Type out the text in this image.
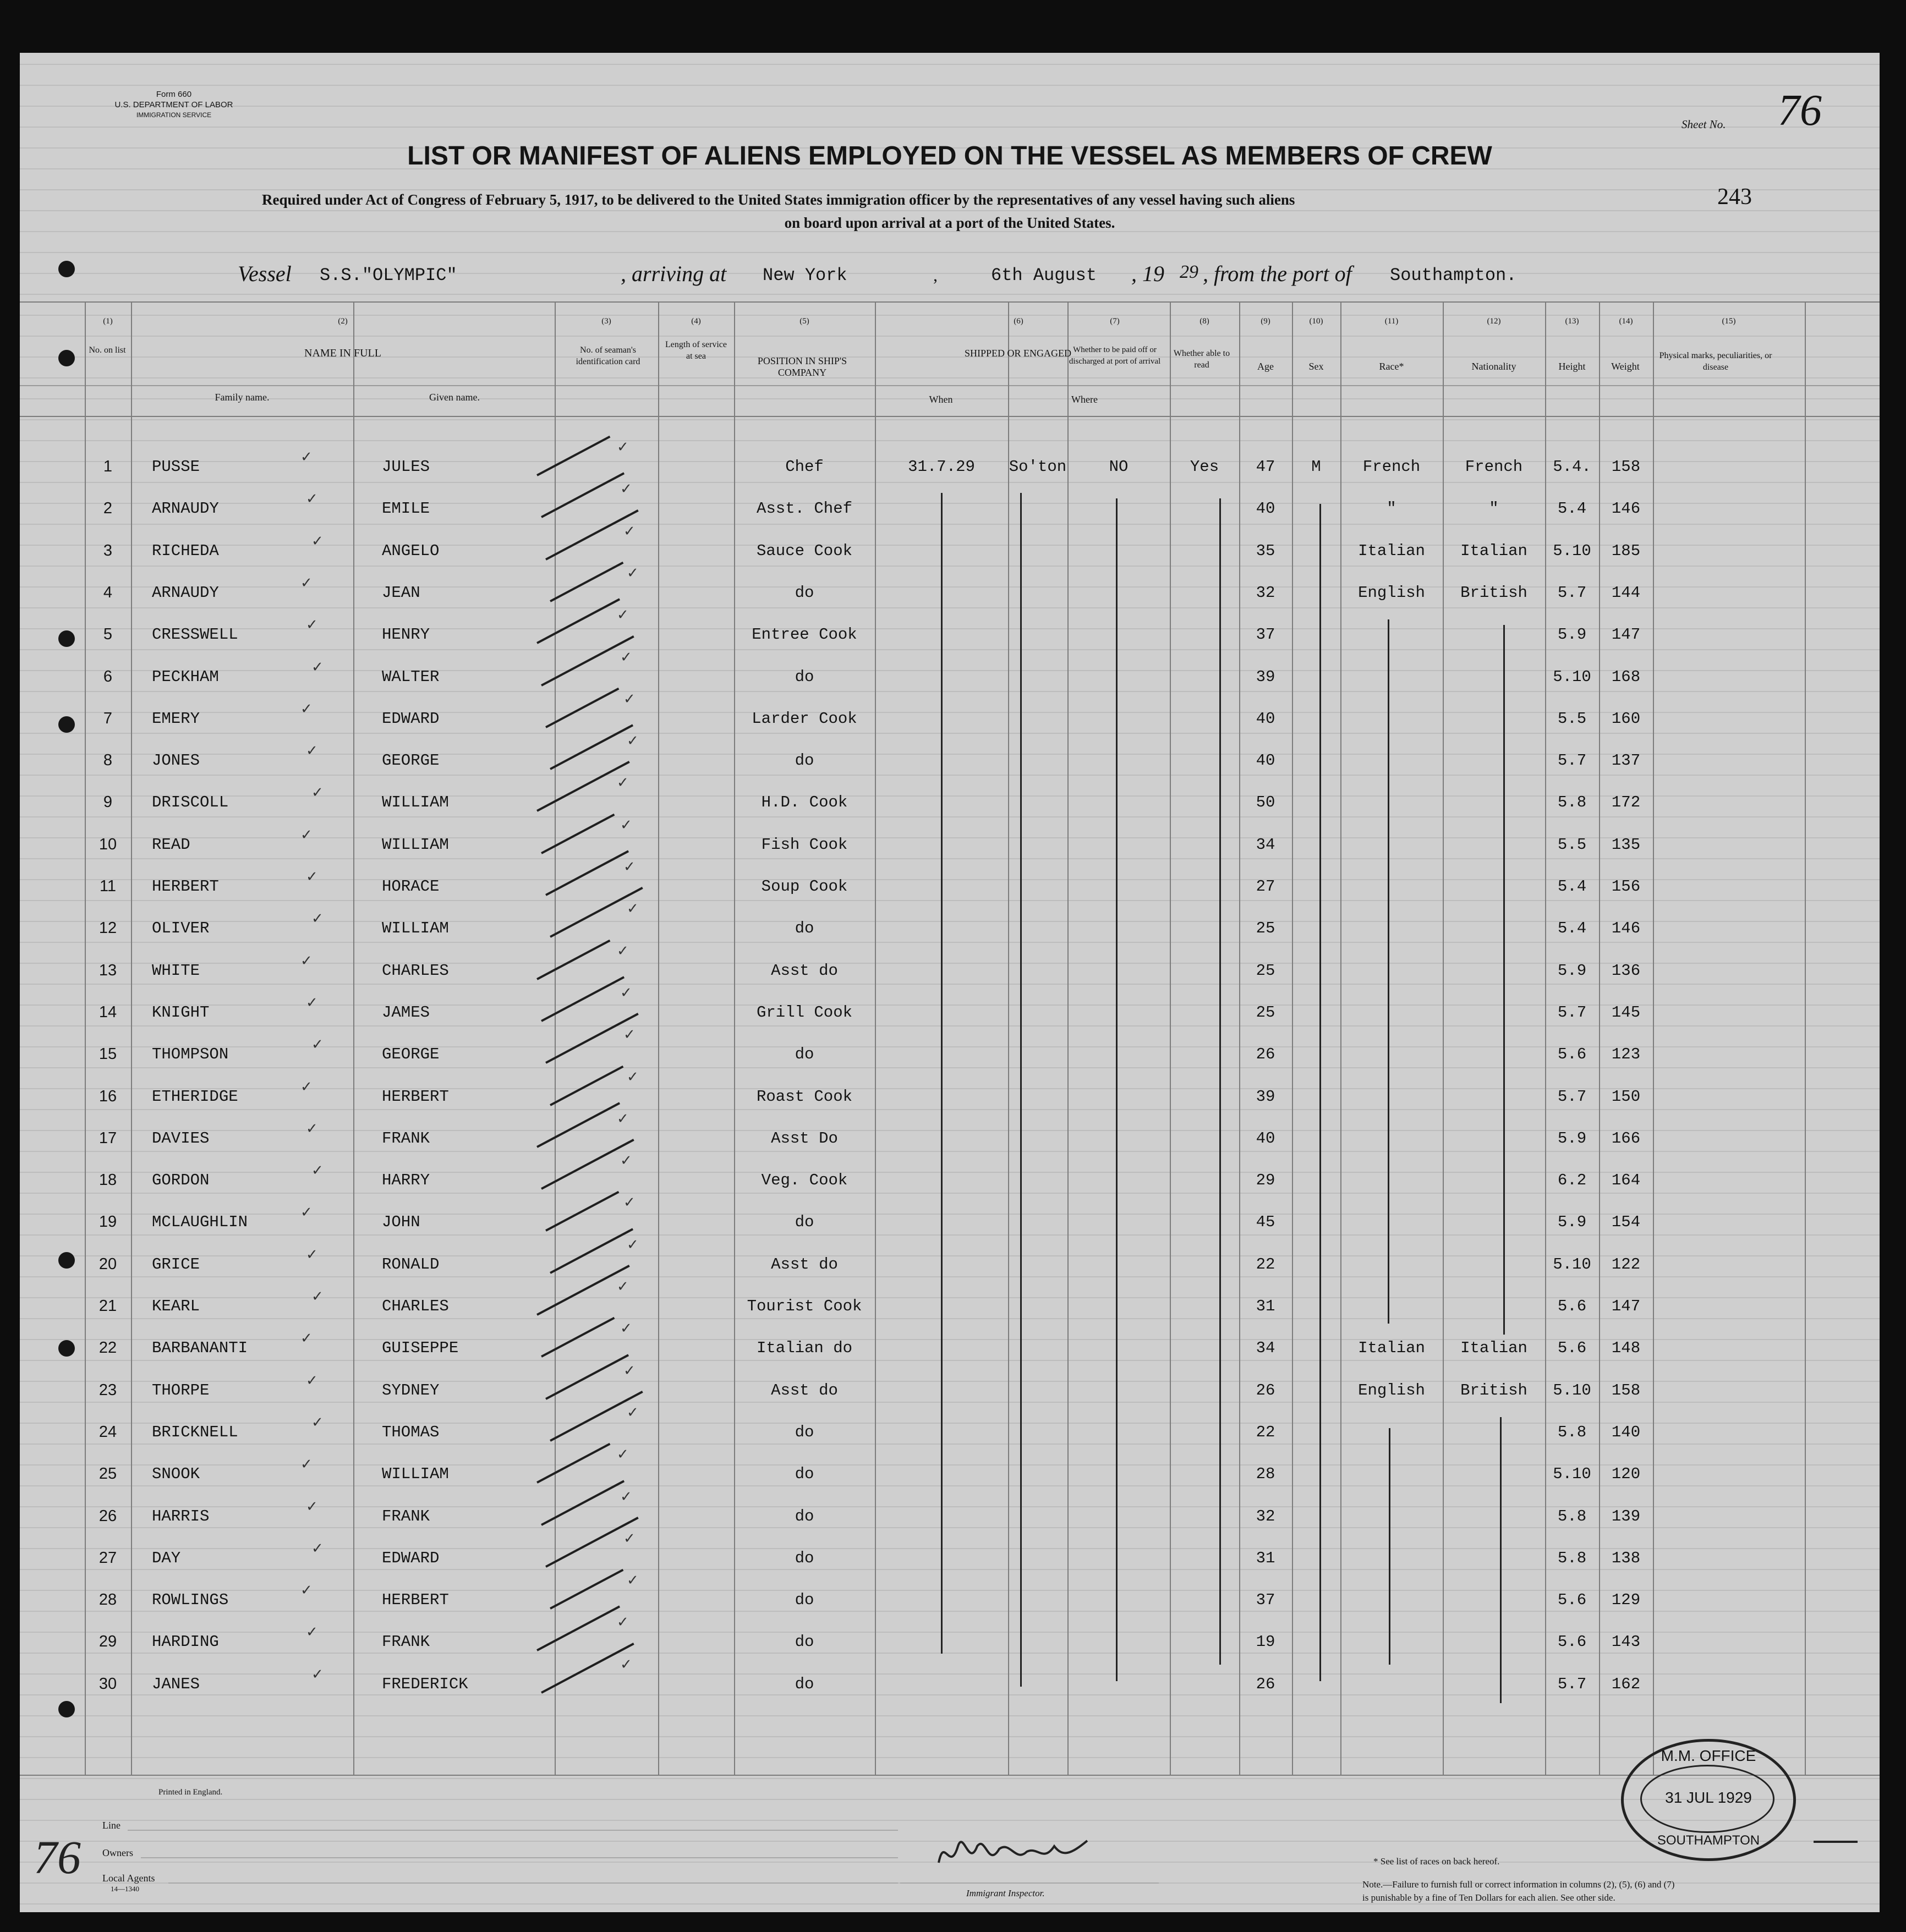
Form 660
U.S. DEPARTMENT OF LABOR
IMMIGRATION SERVICE
Sheet No. 76
243
LIST OR MANIFEST OF ALIENS EMPLOYED ON THE VESSEL AS MEMBERS OF CREW
Required under Act of Congress of February 5, 1917, to be delivered to the United States immigration officer by the representatives of any vessel having such aliens
on board upon arrival at a port of the United States.
Vessel S.S."OLYMPIC"	, arriving at New York	,	6th August , 19 29 , from the port of Southampton.
(1)	(2)	(3)	(4)	(5)	(6)	(7)	(8)	(9)	(10)	(11)	(12)	(13)	(14)	(15)
No. on list	NAME IN FULL
Family name.	Given name.
No. of seaman's identification card
Length of service at sea	POSITION IN SHIP'S COMPANY
SHIPPED OR ENGAGED
When	Where
Whether to be paid off or discharged at port of arrival
Whether able to read	Age	Sex	Race*	Nationality	Height	Weight
Physical marks, peculiarities, or disease
✓
✓
✓
✓
✓
✓
✓
✓
✓
✓
✓
✓
✓
✓
✓
✓
✓
✓
✓
✓
✓
✓
✓
✓
✓
✓
✓
✓
✓
✓
1	PUSSE	JULES	Chef	31.7.29	So'ton	NO	Yes	47	M	French	French	5.4.	158
✓
2	ARNAUDY	EMILE	Asst. Chef	40	"	"	5.4	146
✓
3	RICHEDA	ANGELO	Sauce Cook	35	Italian	Italian	5.10	185
✓
4	ARNAUDY	JEAN	do	32	English	British	5.7	144
✓
5	CRESSWELL	HENRY	Entree Cook	37	5.9	147
✓
6	PECKHAM	WALTER	do	39	5.10	168
✓
7	EMERY	EDWARD	Larder Cook	40	5.5	160
✓
8	JONES	GEORGE	do	40	5.7	137
✓
9	DRISCOLL	WILLIAM	H.D. Cook	50	5.8	172
✓
10	READ	WILLIAM	Fish Cook	34	5.5	135
✓
11	HERBERT	HORACE	Soup Cook	27	5.4	156
✓
12	OLIVER	WILLIAM	do	25	5.4	146
✓
13	WHITE	CHARLES	Asst do	25	5.9	136
✓
14	KNIGHT	JAMES	Grill Cook	25	5.7	145
✓
15	THOMPSON	GEORGE	do	26	5.6	123
✓
16	ETHERIDGE	HERBERT	Roast Cook	39	5.7	150
✓
17	DAVIES	FRANK	Asst Do	40	5.9	166
✓
18	GORDON	HARRY	Veg. Cook	29	6.2	164
✓
19	MCLAUGHLIN	JOHN	do	45	5.9	154
✓
20	GRICE	RONALD	Asst do	22	5.10	122
✓
21	KEARL	CHARLES	Tourist Cook	31	5.6	147
✓
22	BARBANANTI	GUISEPPE	Italian do	34	Italian	Italian	5.6	148
✓
23	THORPE	SYDNEY	Asst do	26	English	British	5.10	158
✓
24	BRICKNELL	THOMAS	do	22	5.8	140
✓
25	SNOOK	WILLIAM	do	28	5.10	120
✓
26	HARRIS	FRANK	do	32	5.8	139
✓
27	DAY	EDWARD	do	31	5.8	138
✓
28	ROWLINGS	HERBERT	do	37	5.6	129
✓
29	HARDING	FRANK	do	19	5.6	143
✓
30	JANES	FREDERICK	do	26	5.7	162
✓
Printed in England.
Line
Owners
Local Agents
14—1340
76
Immigrant Inspector.
* See list of races on back hereof.
Note.—Failure to furnish full or correct information in columns (2), (5), (6) and (7)
is punishable by a fine of Ten Dollars for each alien. See other side.
M.M. OFFICE
31 JUL 1929
SOUTHAMPTON
